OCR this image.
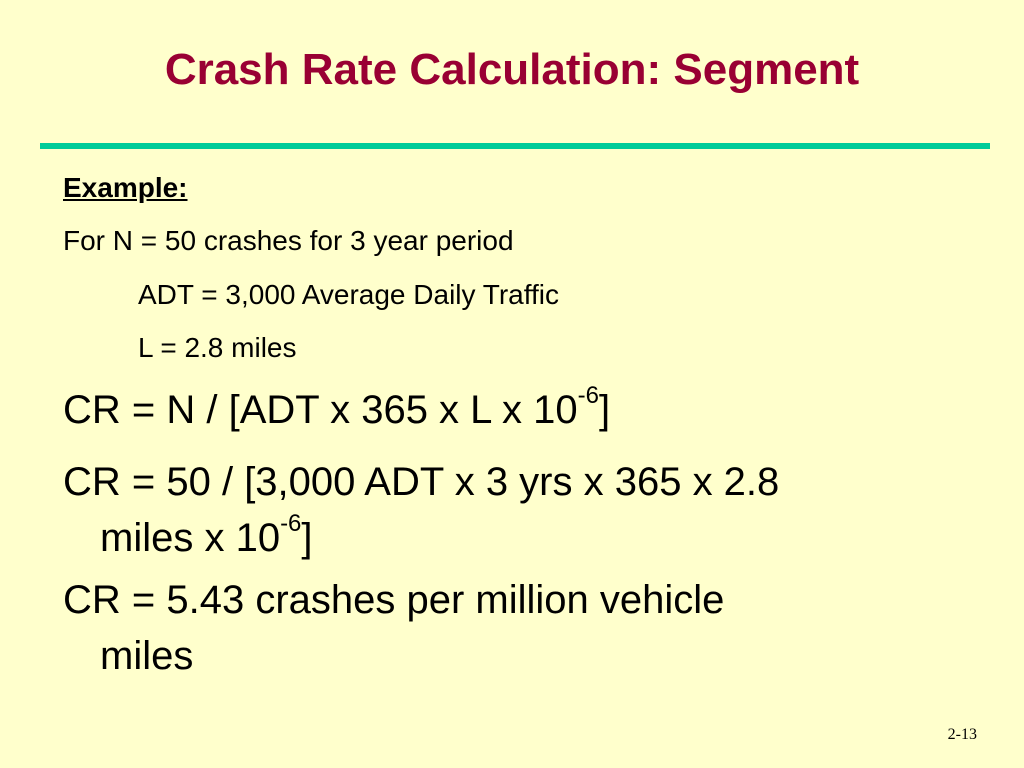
Crash Rate Calculation: Segment
Example:
For N = 50 crashes for 3 year period
ADT = 3,000 Average Daily Traffic
L = 2.8 miles
CR = N / [ADT x 365 x L x $10^{-6}$]
CR = 50 / [3,000 ADT x 3 yrs x 365 x 2.8
miles x $10^{-6}$]
CR = 5.43 crashes per million vehicle
miles
2-13
